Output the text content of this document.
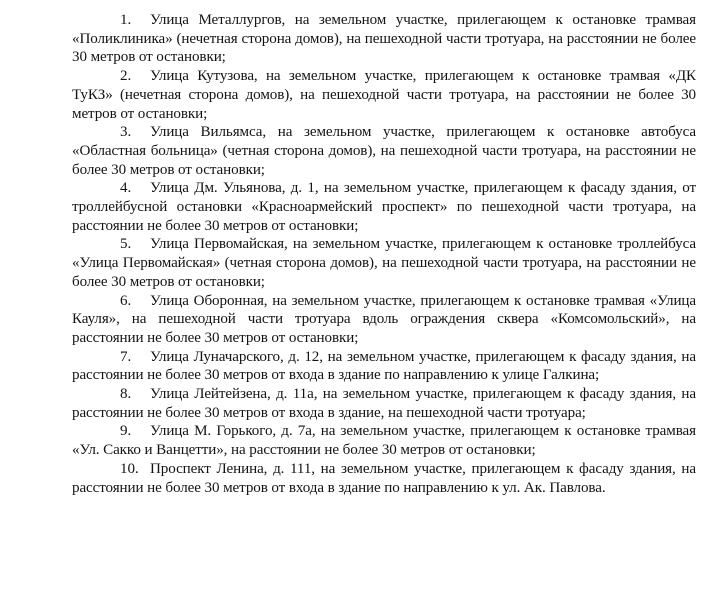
1. Улица Металлургов, на земельном участке, прилегающем к остановке трамвая «Поликлиника» (нечетная сторона домов), на пешеходной части тротуара, на расстоянии не более 30 метров от остановки;

2. Улица Кутузова, на земельном участке, прилегающем к остановке трамвая «ДК ТуКЗ» (нечетная сторона домов), на пешеходной части тротуара, на расстоянии не более 30 метров от остановки;

3. Улица Вильямса, на земельном участке, прилегающем к остановке автобуса «Областная больница» (четная сторона домов), на пешеходной части тротуара, на расстоянии не более 30 метров от остановки;

4. Улица Дм. Ульянова, д. 1, на земельном участке, прилегающем к фасаду здания, от троллейбусной остановки «Красноармейский проспект» по пешеходной части тротуара, на расстоянии не более 30 метров от остановки;

5. Улица Первомайская, на земельном участке, прилегающем к остановке троллейбуса «Улица Первомайская» (четная сторона домов), на пешеходной части тротуара, на расстоянии не более 30 метров от остановки;

6. Улица Оборонная, на земельном участке, прилегающем к остановке трамвая «Улица Кауля», на пешеходной части тротуара вдоль ограждения сквера «Комсомольский», на расстоянии не более 30 метров от остановки;

7. Улица Луначарского, д. 12, на земельном участке, прилегающем к фасаду здания, на расстоянии не более 30 метров от входа в здание по направлению к улице Галкина;

8. Улица Лейтейзена, д. 11а, на земельном участке, прилегающем к фасаду здания, на расстоянии не более 30 метров от входа в здание, на пешеходной части тротуара;

9. Улица М. Горького, д. 7а, на земельном участке, прилегающем к остановке трамвая «Ул. Сакко и Ванцетти», на расстоянии не более 30 метров от остановки;

10. Проспект Ленина, д. 111, на земельном участке, прилегающем к фасаду здания, на расстоянии не более 30 метров от входа в здание по направлению к ул. Ак. Павлова.
